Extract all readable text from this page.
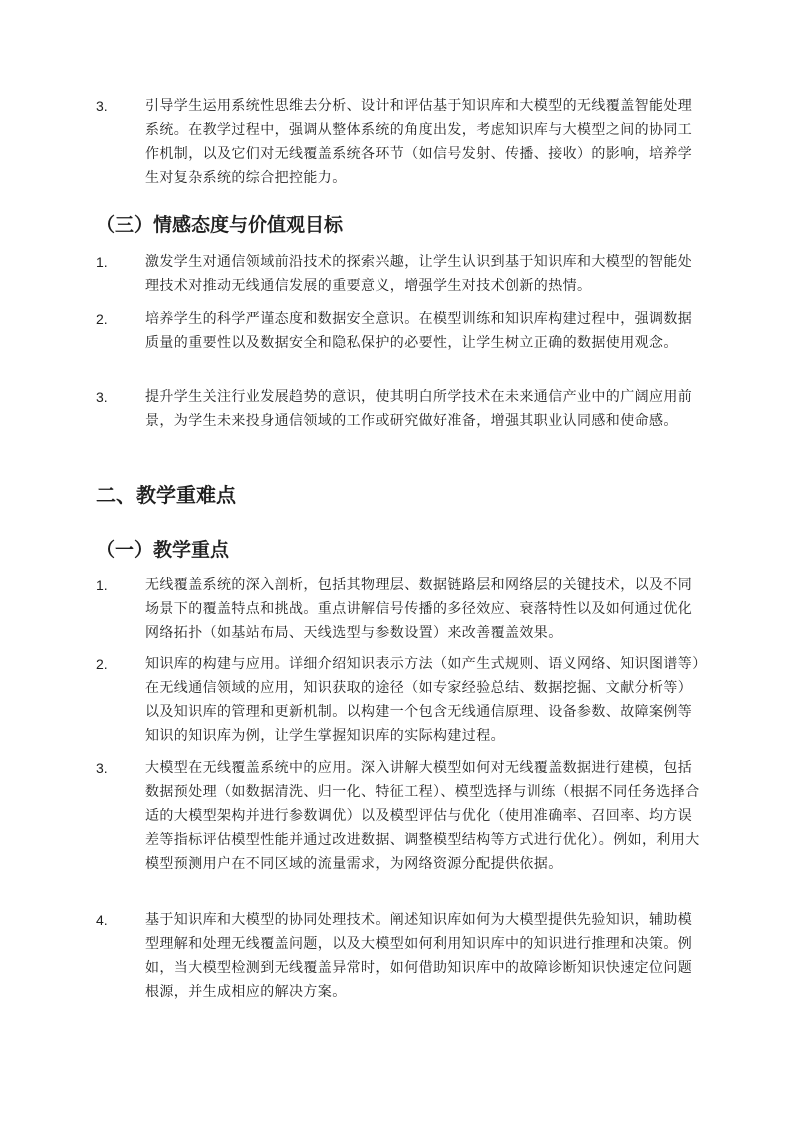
3.	引导学生运用系统性思维去分析、设计和评估基于知识库和大模型的无线覆盖智能处理系统。在教学过程中，强调从整体系统的角度出发，考虑知识库与大模型之间的协同工作机制，以及它们对无线覆盖系统各环节（如信号发射、传播、接收）的影响，培养学生对复杂系统的综合把控能力。
（三）情感态度与价值观目标
1.	激发学生对通信领域前沿技术的探索兴趣，让学生认识到基于知识库和大模型的智能处理技术对推动无线通信发展的重要意义，增强学生对技术创新的热情。
2.	培养学生的科学严谨态度和数据安全意识。在模型训练和知识库构建过程中，强调数据质量的重要性以及数据安全和隐私保护的必要性，让学生树立正确的数据使用观念。
3.	提升学生关注行业发展趋势的意识，使其明白所学技术在未来通信产业中的广阔应用前景，为学生未来投身通信领域的工作或研究做好准备，增强其职业认同感和使命感。
二、教学重难点
（一）教学重点
1.	无线覆盖系统的深入剖析，包括其物理层、数据链路层和网络层的关键技术，以及不同场景下的覆盖特点和挑战。重点讲解信号传播的多径效应、衰落特性以及如何通过优化网络拓扑（如基站布局、天线选型与参数设置）来改善覆盖效果。
2.	知识库的构建与应用。详细介绍知识表示方法（如产生式规则、语义网络、知识图谱等）在无线通信领域的应用，知识获取的途径（如专家经验总结、数据挖掘、文献分析等）以及知识库的管理和更新机制。以构建一个包含无线通信原理、设备参数、故障案例等知识的知识库为例，让学生掌握知识库的实际构建过程。
3.	大模型在无线覆盖系统中的应用。深入讲解大模型如何对无线覆盖数据进行建模，包括数据预处理（如数据清洗、归一化、特征工程）、模型选择与训练（根据不同任务选择合适的大模型架构并进行参数调优）以及模型评估与优化（使用准确率、召回率、均方误差等指标评估模型性能并通过改进数据、调整模型结构等方式进行优化）。例如，利用大模型预测用户在不同区域的流量需求，为网络资源分配提供依据。
4.	基于知识库和大模型的协同处理技术。阐述知识库如何为大模型提供先验知识，辅助模型理解和处理无线覆盖问题，以及大模型如何利用知识库中的知识进行推理和决策。例如，当大模型检测到无线覆盖异常时，如何借助知识库中的故障诊断知识快速定位问题根源，并生成相应的解决方案。
